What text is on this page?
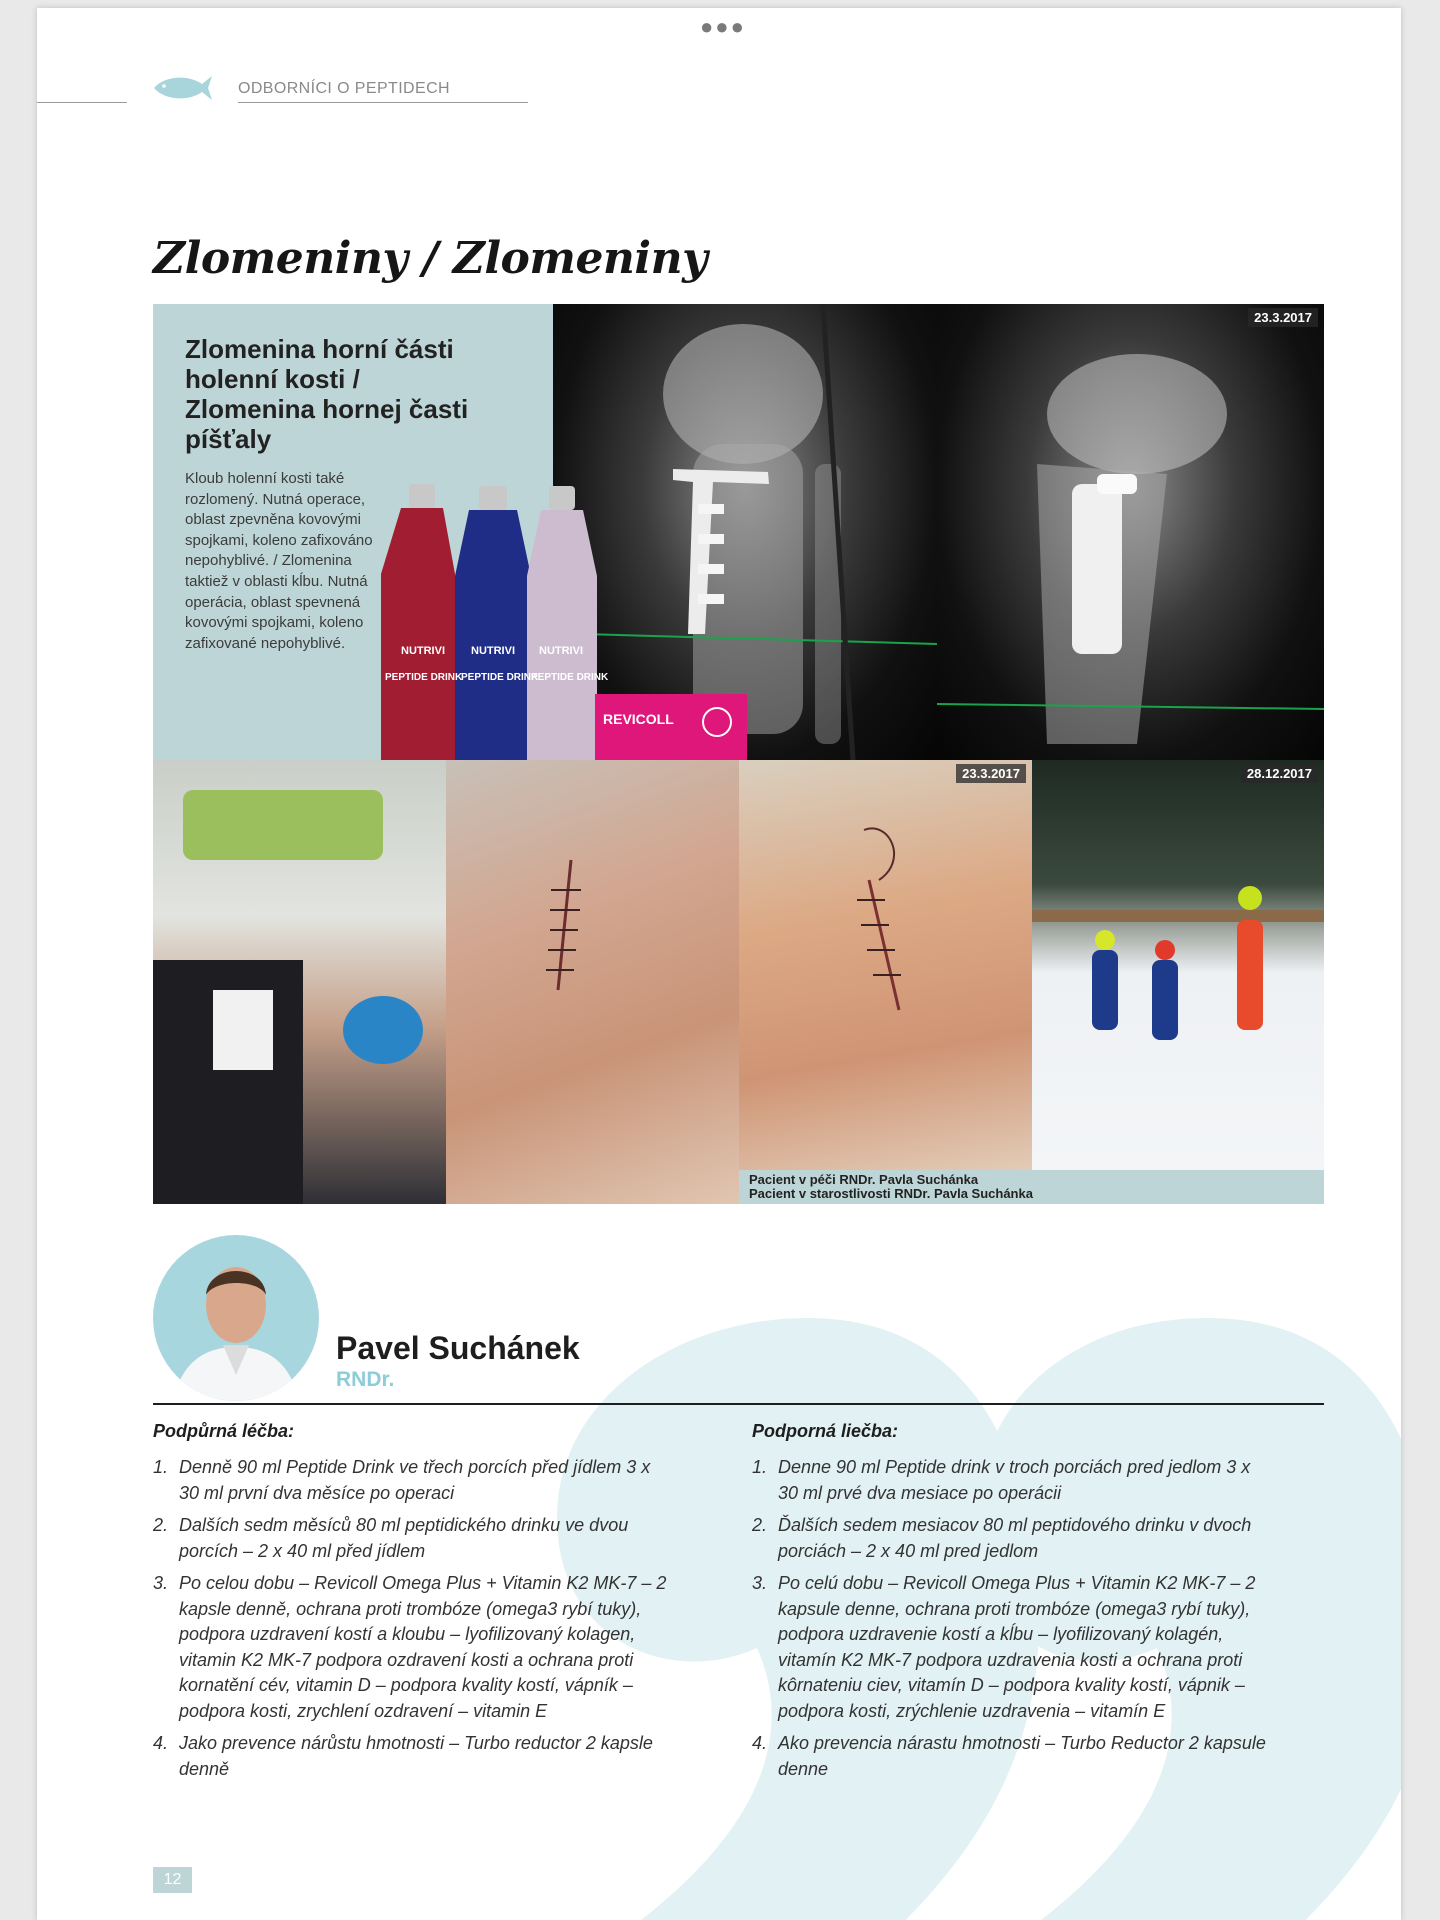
●●●
ODBORNÍCI O PEPTIDECH
Zlomeniny / Zlomeniny
Zlomenina horní části holenní kosti / Zlomenina hornej časti píšťaly

Kloub holenní kosti také rozlomený. Nutná operace, oblast zpevněna kovovými spojkami, koleno zafixováno nepohyblivé. / Zlomenina taktiež v oblasti kĺbu. Nutná operácia, oblast spevnená kovovými spojkami, koleno zafixované nepohyblivé.

23.3.2017
NUTRIVI NUTRIVI NUTRIVI
PEPTIDE DRINK
PEPTIDE DRINK
PEPTIDE DRINK
REVICOLL
23.3.2017	28.12.2017

Pacient v péči RNDr. Pavla Suchánka

Pacient v starostlivosti RNDr. Pavla Suchánka

Pavel Suchánek
RNDr.
Podpůrná léčba:
1. Denně 90 ml Peptide Drink ve třech porcích před jídlem 3 x 30 ml první dva měsíce po operaci
2. Dalších sedm měsíců 80 ml peptidického drinku ve dvou porcích – 2 x 40 ml před jídlem
3. Po celou dobu – Revicoll Omega Plus + Vitamin K2 MK-7 – 2 kapsle denně, ochrana proti trombóze (omega3 rybí tuky), podpora uzdravení kostí a kloubu – lyofilizovaný kolagen, vitamin K2 MK-7 podpora ozdravení kosti a ochrana proti kornatění cév, vitamin D – podpora kvality kostí, vápník – podpora kosti, zrychlení ozdravení – vitamin E
4. Jako prevence nárůstu hmotnosti – Turbo reductor 2 kapsle denně
Podporná liečba:
1. Denne 90 ml Peptide drink v troch porciách pred jedlom 3 x 30 ml prvé dva mesiace po operácii
2. Ďalších sedem mesiacov 80 ml peptidového drinku v dvoch porciách – 2 x 40 ml pred jedlom
3. Po celú dobu – Revicoll Omega Plus + Vitamin K2 MK-7 – 2 kapsule denne, ochrana proti trombóze (omega3 rybí tuky), podpora uzdravenie kostí a kĺbu – lyofilizovaný kolagén, vitamín K2 MK-7 podpora uzdravenia kosti a ochrana proti kôrnateniu ciev, vitamín D – podpora kvality kostí, vápnik – podpora kosti, zrýchlenie uzdravenia – vitamín E
4. Ako prevencia nárastu hmotnosti – Turbo Reductor 2 kapsule denne
12
